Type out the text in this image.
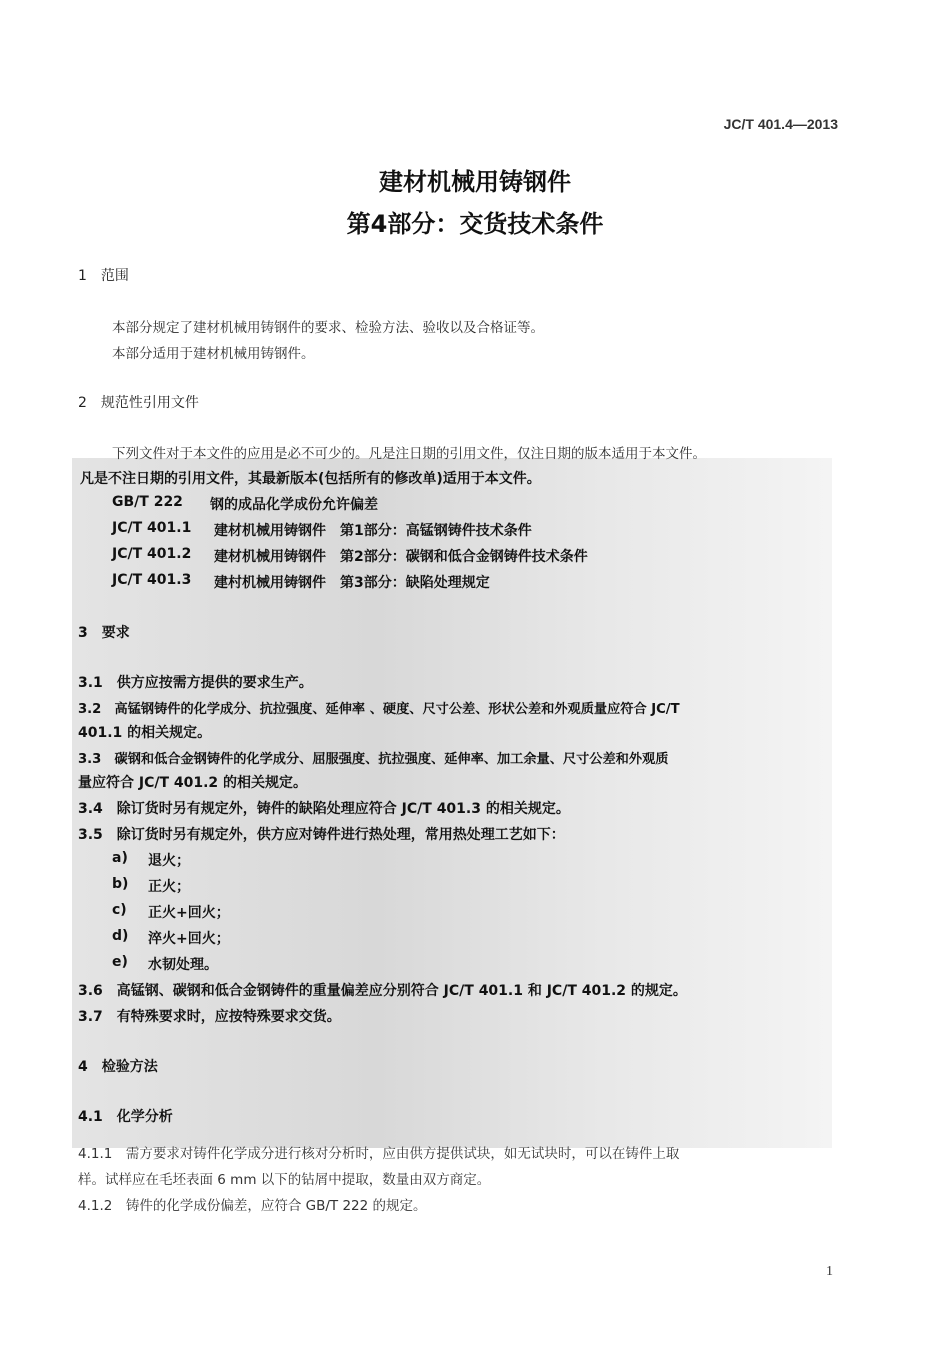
JC/T 401.4—2013
建材机械用铸钢件
第4部分：交货技术条件
1　范围
本部分规定了建材机械用铸钢件的要求、检验方法、验收以及合格证等。
本部分适用于建材机械用铸钢件。
2　规范性引用文件
下列文件对于本文件的应用是必不可少的。凡是注日期的引用文件，仅注日期的版本适用于本文件。
凡是不注日期的引用文件，其最新版本(包括所有的修改单)适用于本文件。
GB/T 222 钢的成品化学成份允许偏差
JC/T 401.1 建材机械用铸钢件　第1部分：高锰钢铸件技术条件
JC/T 401.2 建材机械用铸钢件　第2部分：碳钢和低合金钢铸件技术条件
JC/T 401.3 建村机械用铸钢件　第3部分：缺陷处理规定
3　要求
3.1　供方应按需方提供的要求生产。
3.2　高锰钢铸件的化学成分、抗拉强度、延伸率 、硬度、尺寸公差、形状公差和外观质量应符合 JC/T
401.1 的相关规定。
3.3　碳钢和低合金钢铸件的化学成分、屈服强度、抗拉强度、延伸率、加工余量、尺寸公差和外观质
量应符合 JC/T 401.2 的相关规定。
3.4　除订货时另有规定外，铸件的缺陷处理应符合 JC/T 401.3 的相关规定。
3.5　除订货时另有规定外，供方应对铸件进行热处理，常用热处理工艺如下：
a) 退火；
b) 正火；
c) 正火+回火；
d) 淬火+回火；
e) 水韧处理。
3.6　高锰钢、碳钢和低合金钢铸件的重量偏差应分别符合 JC/T 401.1 和 JC/T 401.2 的规定。
3.7　有特殊要求时，应按特殊要求交货。
4　检验方法
4.1　化学分析
4.1.1　需方要求对铸件化学成分进行核对分析时，应由供方提供试块，如无试块时，可以在铸件上取
样。试样应在毛坯表面 6 mm 以下的钻屑中提取，数量由双方商定。
4.1.2　铸件的化学成份偏差，应符合 GB/T 222 的规定。
1
